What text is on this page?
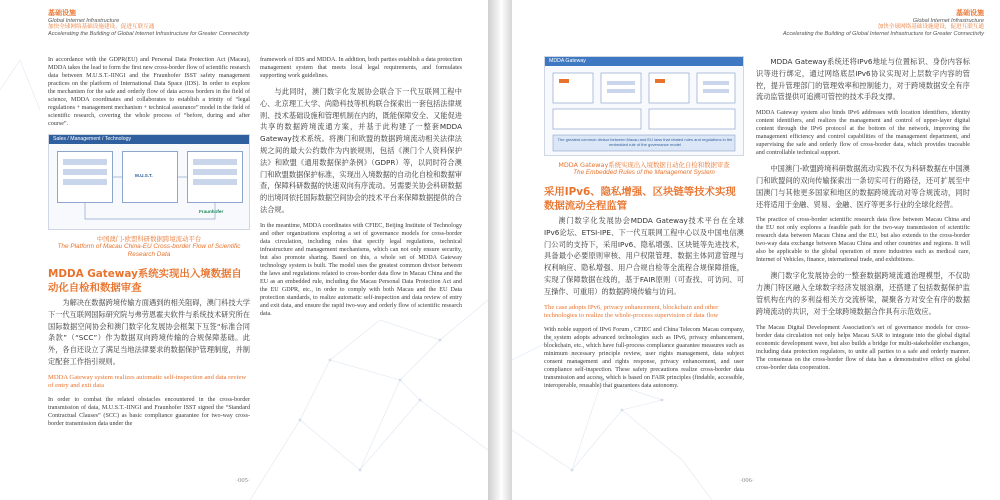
基础设施
Global Internet Infrastructure
加快全球网络基础设施建设，促进互联互通
Accelerating the Building of Global Internet Infrastructure for Greater Connectivity

In accordance with the GDPR(EU) and Personal Data Protection Act (Macau), MDDA takes the lead to form the first new cross-border flow of scientific research data between M.U.S.T.-IINGI and the Fraunhofer ISST safety management practices on the platform of International Data Space (IDS). In order to explore the mechanism for the safe and orderly flow of data across borders in the field of science, MDDA coordinates and collaborates to establish a trinity of “legal regulations + management mechanism + technical assurance” model in the field of scientific research, covering the whole process of “before, during and after course”.

Sales / Management / Technology
M.U.S.T.
Fraunhofer
中国澳门-欧盟科研数据跨境流动平台
The Platform of Macau China-EU Cross-border Flow of Scientific Research Data
MDDA Gateway系统实现出入境数据自动化自检和数据审查

为解决在数据跨境传输方面遇到的相关阻碍，澳门科技大学下一代互联网国际研究院与弗劳恩霍夫软件与系统技术研究所在国际数据空间协会和澳门数字化发展协会框架下互签“标准合同条款”（“SCC”）作为数据双向跨境传输的合规保障基础。此外，各自还设立了满足当地法律要求的数据保护管理制度，并制定配套工作指引规则。

MDDA Gateway system realizes automatic self-inspection and data review of entry and exit data

In order to combat the related obstacles encountered in the cross-border transmission of data, M.U.S.T.-IINGI and Fraunhofer ISST signed the “Standard Contractual Clauses” (SCC) as basic compliance guarantee for two-way cross-border transmission data under the

framework of IDS and MDDA. In addition, both parties establish a data protection management system that meets local legal requirements, and formulates supporting work guidelines.

与此同时，澳门数字化发展协会联合下一代互联网工程中心、北京理工大学、尚隐科技等机构联合探索出一套包括法律规则、技术基础设施和管理机制在内的，既能保障安全、又能促进共享的数据跨境流通方案，并基于此构建了一整套MDDA Gateway技术系统。将澳门和欧盟的数据跨境流动相关法律法规之间的最大公约数作为内嵌规则，包括《澳门个人资料保护法》和欧盟《通用数据保护条例》（GDPR）等，以同时符合澳门和欧盟数据保护标准，实现出入境数据的自动化自检和数据审查，保障科研数据的快速双向有序流动。另需要关协会科研数据的出境同依托国际数据空间协会的技术平台来保障数据提供的合法合规。

In the meantime, MDDA coordinates with CFIEC, Beijing Institute of Technology and other organizations exploring a set of governance models for cross-border data circulation, including rules that specify legal regulations, technical infrastructure and management mechanisms, which can not only ensure security, but also promote sharing. Based on this, a whole set of MDDA Gateway technology system is built. The model uses the greatest common divisor between the laws and regulations related to cross-border data flow in Macau China and the EU as an embedded rule, including the Macau Personal Data Protection Act and the EU GDPR, etc., in order to comply with both Macau and the EU Data protection standards, to realize automatic self-inspection and data review of entry and exit data, and ensure the rapid two-way and orderly flow of scientific research data.

·005·
基础设施
Global Internet Infrastructure
加快全球网络基础设施建设，促进互联互通
Accelerating the Building of Global Internet Infrastructure for Greater Connectivity
MDDA Gateway
The greatest common divisor between Macau and EU laws that related rules and regulations in the embedded rule of the governance model
MDDA Gateway系统实现出入境数据自动化自检和数据审查
The Embedded Rules of the Management System
采用IPv6、隐私增强、区块链等技术实现数据流动全程监管

澳门数字化发展协会MDDA Gateway技术平台在全球IPv6论坛、ETSI-IPE、下一代互联网工程中心以及中国电信澳门公司的支持下，采用IPv6、隐私增强、区块链等先进技术，具备最小必要原则审核、用户权限管理、数据主体同意管理与权利响应、隐私增强、用户合规自检等全流程合规保障措施，实现了保障数据在线的，基于FAIR原则（可查找、可访问、可互操作、可重用）的数据跨境传输与访问。

The case adopts IPv6, privacy enhancement, blockchain and other technologies to realize the whole-process supervision of data flow

With noble support of IPv6 Forum , CFIEC and China Telecom Macau company, the system adopts advanced technologies such as IPv6, privacy enhancement, blockchain, etc., which have full-process compliance guarantee measures such as minimum necessary principle review, user rights management, data subject consent management and rights response, privacy enhancement, and user compliance self-inspection. These safety precautions realize cross-border data transmission and access, which is based on FAIR principles (findable, accessible, interoperable, reusable) that guarantees data autonomy.

MDDA Gateway系统还将IPv6地址与位置标识、身份内容标识等进行绑定，通过网络底层IPv6协议实现对上层数字内容的管控，提升管理部门的管理效率和控制能力，对于跨境数据安全有序流动监管提供可追溯可管控的技术手段支撑。

MDDA Gateway system also binds IPv6 addresses with location identifiers, identity content identifiers, and realizes the management and control of upper-layer digital content through the IPv6 protocol at the bottom of the network, improving the management efficiency and control capabilities of the management department, and supervising the safe and orderly flow of cross-border data, which provides traceable and controllable technical support.

中国澳门-欧盟跨境科研数据流动实践不仅为科研数据在中国澳门和欧盟间的双向传输探索出一条切实可行的路径，还可扩展至中国澳门与其他更多国家和地区的数据跨境流动对等合规流动，同时还将适用于金融、贸易、金融、医疗等更多行业的全球化经营。

The practice of cross-border scientific research data flow between Macau China and the EU not only explores a feasible path for the two-way transmission of scientific research data between Macau China and the EU, but also extends to the cross-border two-way data exchange between Macau China and other countries and regions. It will also be applicable to the global operation of more industries such as medical care, Internet of Vehicles, finance, international trade, and exhibitions.

澳门数字化发展协会的一整套数据跨境流通治理模型，不仅助力澳门特区融入全球数字经济发展浪潮，还搭建了包括数据保护监管机构在内的多利益相关方交流桥梁，凝聚各方对安全有序的数据跨境流动的共识，对于全球跨境数据合作具有示范效应。

The Macau Digital Development Association’s set of governance models for cross-border data circulation not only helps Macau SAR to integrate into the global digital economic development wave, but also builds a bridge for multi-stakeholder exchanges, including data protection regulators, to unite all parties to a safe and orderly manner. The consensus on the cross-border flow of data has a demonstrative effect on global cross-border data cooperation.

·006·
